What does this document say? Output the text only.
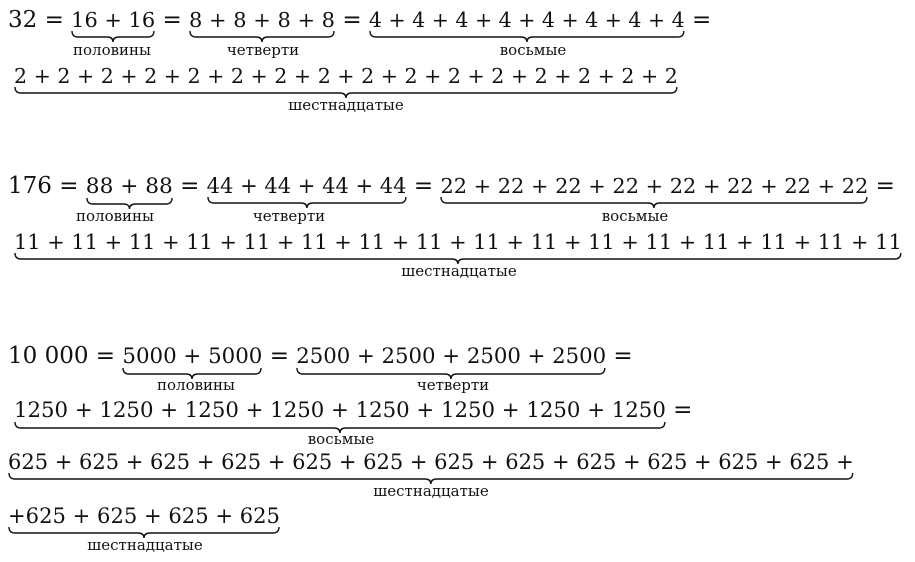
32 = 16 + 16 = 8 + 8 + 8 + 8 = 4 + 4 + 4 + 4 + 4 + 4 + 4 + 4 =
половины	четверти	восьмые
2 + 2 + 2 + 2 + 2 + 2 + 2 + 2 + 2 + 2 + 2 + 2 + 2 + 2 + 2 + 2
шестнадцатые
176 = 88 + 88 = 44 + 44 + 44 + 44 = 22 + 22 + 22 + 22 + 22 + 22 + 22 + 22 =
половины	четверти	восьмые
11 + 11 + 11 + 11 + 11 + 11 + 11 + 11 + 11 + 11 + 11 + 11 + 11 + 11 + 11 + 11
шестнадцатые
10 000 = 5000 + 5000 = 2500 + 2500 + 2500 + 2500 =
половины	четверти
1250 + 1250 + 1250 + 1250 + 1250 + 1250 + 1250 + 1250 =
восьмые
625 + 625 + 625 + 625 + 625 + 625 + 625 + 625 + 625 + 625 + 625 + 625 +
шестнадцатые
+625 + 625 + 625 + 625
шестнадцатые
